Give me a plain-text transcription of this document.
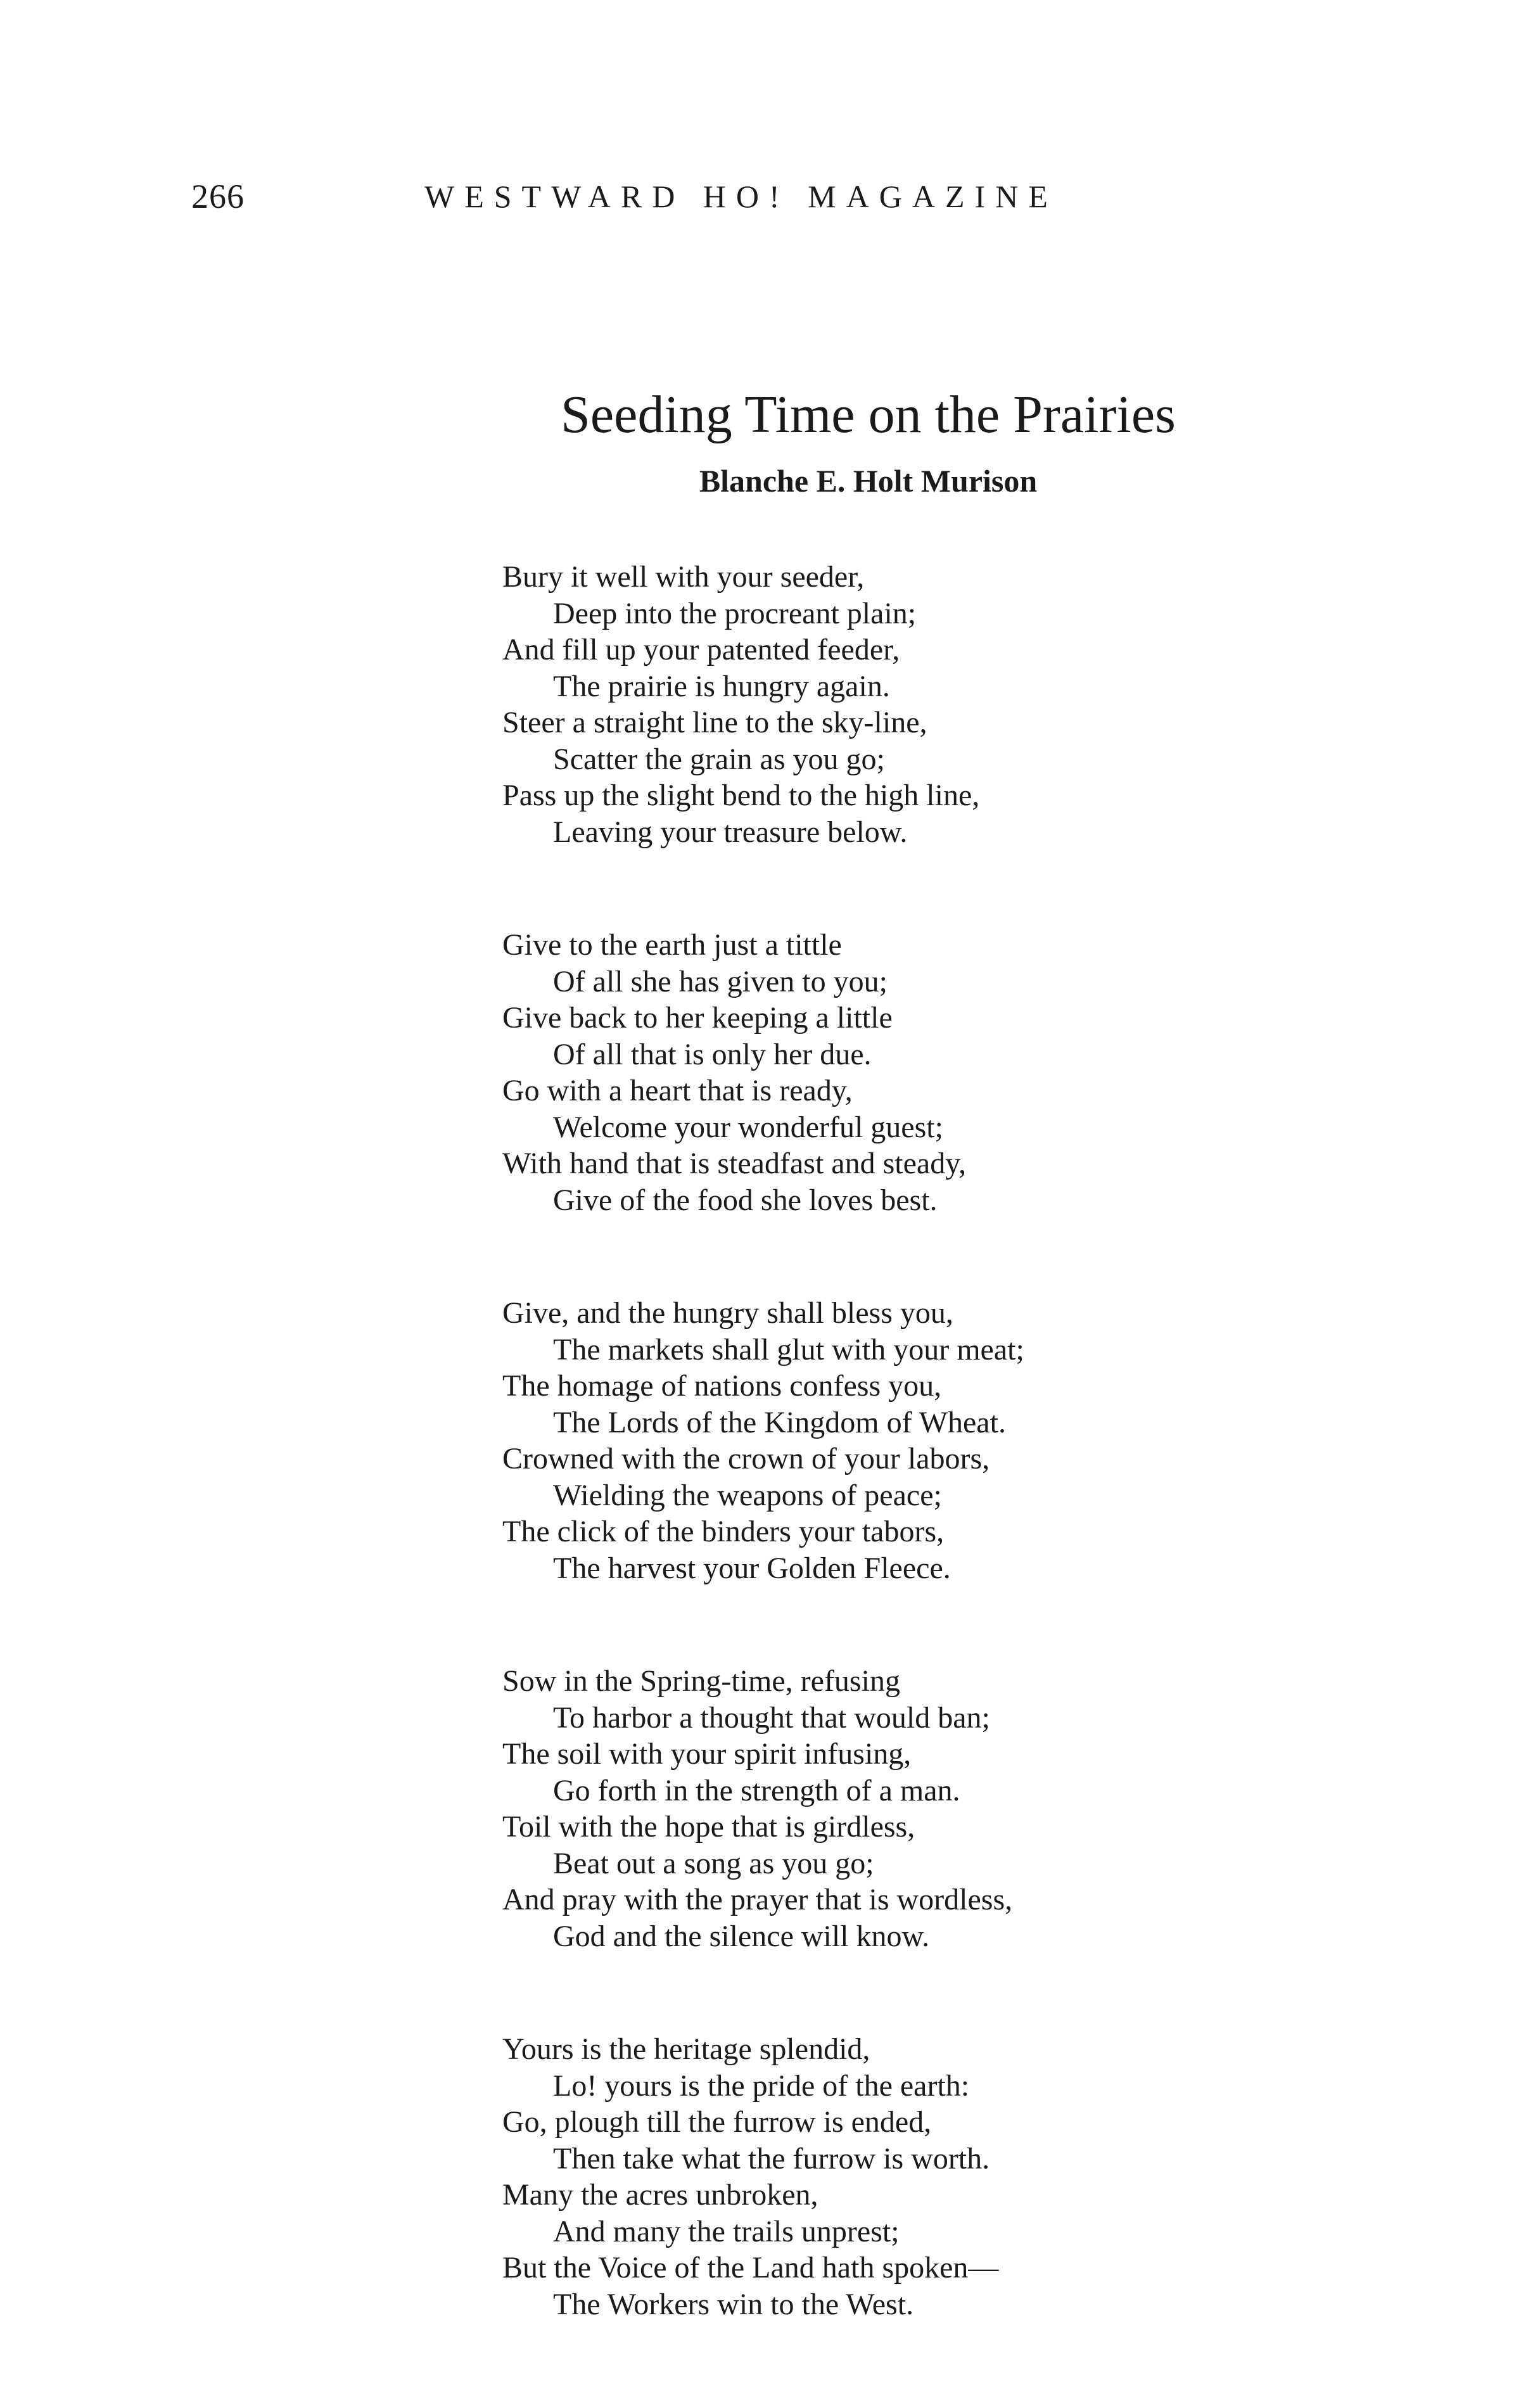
266	WESTWARD HO! MAGAZINE
Seeding Time on the Prairies
Blanche E. Holt Murison
Bury it well with your seeder,
Deep into the procreant plain;
And fill up your patented feeder,
The prairie is hungry again.
Steer a straight line to the sky-line,
Scatter the grain as you go;
Pass up the slight bend to the high line,
Leaving your treasure below.
Give to the earth just a tittle
Of all she has given to you;
Give back to her keeping a little
Of all that is only her due.
Go with a heart that is ready,
Welcome your wonderful guest;
With hand that is steadfast and steady,
Give of the food she loves best.
Give, and the hungry shall bless you,
The markets shall glut with your meat;
The homage of nations confess you,
The Lords of the Kingdom of Wheat.
Crowned with the crown of your labors,
Wielding the weapons of peace;
The click of the binders your tabors,
The harvest your Golden Fleece.
Sow in the Spring-time, refusing
To harbor a thought that would ban;
The soil with your spirit infusing,
Go forth in the strength of a man.
Toil with the hope that is girdless,
Beat out a song as you go;
And pray with the prayer that is wordless,
God and the silence will know.
Yours is the heritage splendid,
Lo! yours is the pride of the earth:
Go, plough till the furrow is ended,
Then take what the furrow is worth.
Many the acres unbroken,
And many the trails unprest;
But the Voice of the Land hath spoken—
The Workers win to the West.
